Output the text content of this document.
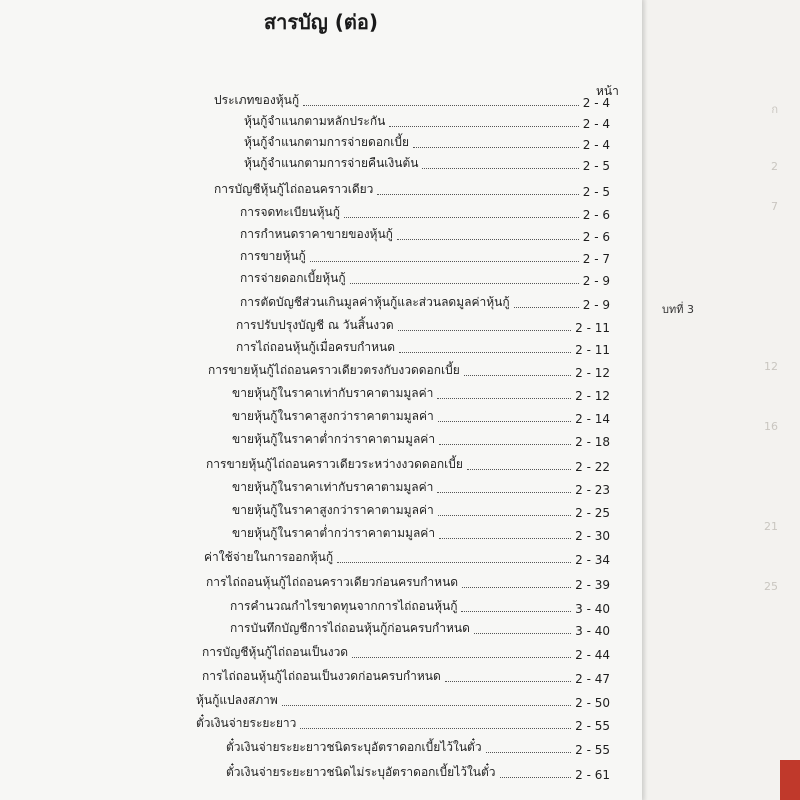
ก
2
7
12
16
21
25
บทที่ 3
สารบัญ (ต่อ)
หน้า
ประเภทของหุ้นกู้	2 - 4
หุ้นกู้จำแนกตามหลักประกัน	2 - 4
หุ้นกู้จำแนกตามการจ่ายดอกเบี้ย	2 - 4
หุ้นกู้จำแนกตามการจ่ายคืนเงินต้น	2 - 5
การบัญชีหุ้นกู้ไถ่ถอนคราวเดียว	2 - 5
การจดทะเบียนหุ้นกู้	2 - 6
การกำหนดราคาขายของหุ้นกู้	2 - 6
การขายหุ้นกู้	2 - 7
การจ่ายดอกเบี้ยหุ้นกู้	2 - 9
การตัดบัญชีส่วนเกินมูลค่าหุ้นกู้และส่วนลดมูลค่าหุ้นกู้	2 - 9
การปรับปรุงบัญชี ณ วันสิ้นงวด	2 - 11
การไถ่ถอนหุ้นกู้เมื่อครบกำหนด	2 - 11
การขายหุ้นกู้ไถ่ถอนคราวเดียวตรงกับงวดดอกเบี้ย	2 - 12
ขายหุ้นกู้ในราคาเท่ากับราคาตามมูลค่า	2 - 12
ขายหุ้นกู้ในราคาสูงกว่าราคาตามมูลค่า	2 - 14
ขายหุ้นกู้ในราคาต่ำกว่าราคาตามมูลค่า	2 - 18
การขายหุ้นกู้ไถ่ถอนคราวเดียวระหว่างงวดดอกเบี้ย	2 - 22
ขายหุ้นกู้ในราคาเท่ากับราคาตามมูลค่า	2 - 23
ขายหุ้นกู้ในราคาสูงกว่าราคาตามมูลค่า	2 - 25
ขายหุ้นกู้ในราคาต่ำกว่าราคาตามมูลค่า	2 - 30
ค่าใช้จ่ายในการออกหุ้นกู้	2 - 34
การไถ่ถอนหุ้นกู้ไถ่ถอนคราวเดียวก่อนครบกำหนด	2 - 39
การคำนวณกำไรขาดทุนจากการไถ่ถอนหุ้นกู้	3 - 40
การบันทึกบัญชีการไถ่ถอนหุ้นกู้ก่อนครบกำหนด	3 - 40
การบัญชีหุ้นกู้ไถ่ถอนเป็นงวด	2 - 44
การไถ่ถอนหุ้นกู้ไถ่ถอนเป็นงวดก่อนครบกำหนด	2 - 47
หุ้นกู้แปลงสภาพ	2 - 50
ตั๋วเงินจ่ายระยะยาว	2 - 55
ตั๋วเงินจ่ายระยะยาวชนิดระบุอัตราดอกเบี้ยไว้ในตั๋ว	2 - 55
ตั๋วเงินจ่ายระยะยาวชนิดไม่ระบุอัตราดอกเบี้ยไว้ในตั๋ว	2 - 61
